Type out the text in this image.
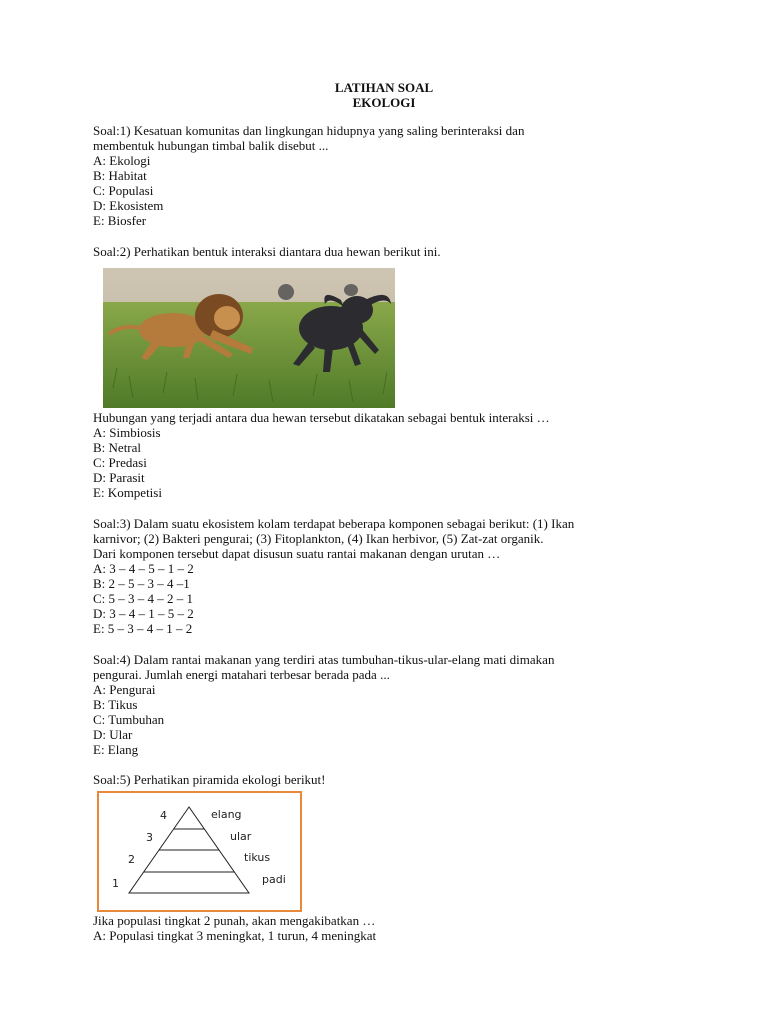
LATIHAN SOAL
EKOLOGI
Soal:1) Kesatuan komunitas dan lingkungan hidupnya yang saling berinteraksi dan
membentuk hubungan timbal balik disebut ...
A: Ekologi
B: Habitat
C: Populasi
D: Ekosistem
E: Biosfer
Soal:2) Perhatikan bentuk interaksi diantara dua hewan berikut ini.
Hubungan yang terjadi antara dua hewan tersebut dikatakan sebagai bentuk interaksi …
A: Simbiosis
B: Netral
C: Predasi
D: Parasit
E: Kompetisi
Soal:3) Dalam suatu ekosistem kolam terdapat beberapa komponen sebagai berikut: (1) Ikan
karnivor; (2) Bakteri pengurai; (3) Fitoplankton, (4) Ikan herbivor, (5) Zat-zat organik.
Dari komponen tersebut dapat disusun suatu rantai makanan dengan urutan …
A: 3 – 4 – 5 – 1 – 2
B: 2 – 5 – 3 – 4 –1
C: 5 – 3 – 4 – 2 – 1
D: 3 – 4 – 1 – 5 – 2
E: 5 – 3 – 4 – 1 – 2
Soal:4) Dalam rantai makanan yang terdiri atas tumbuhan-tikus-ular-elang mati dimakan
pengurai. Jumlah energi matahari terbesar berada pada ...
A: Pengurai
B: Tikus
C: Tumbuhan
D: Ular
E: Elang
Soal:5) Perhatikan piramida ekologi berikut!
4	elang
3	ular
2	tikus
1	padi
Jika populasi tingkat 2 punah, akan mengakibatkan …
A: Populasi tingkat 3 meningkat, 1 turun, 4 meningkat
